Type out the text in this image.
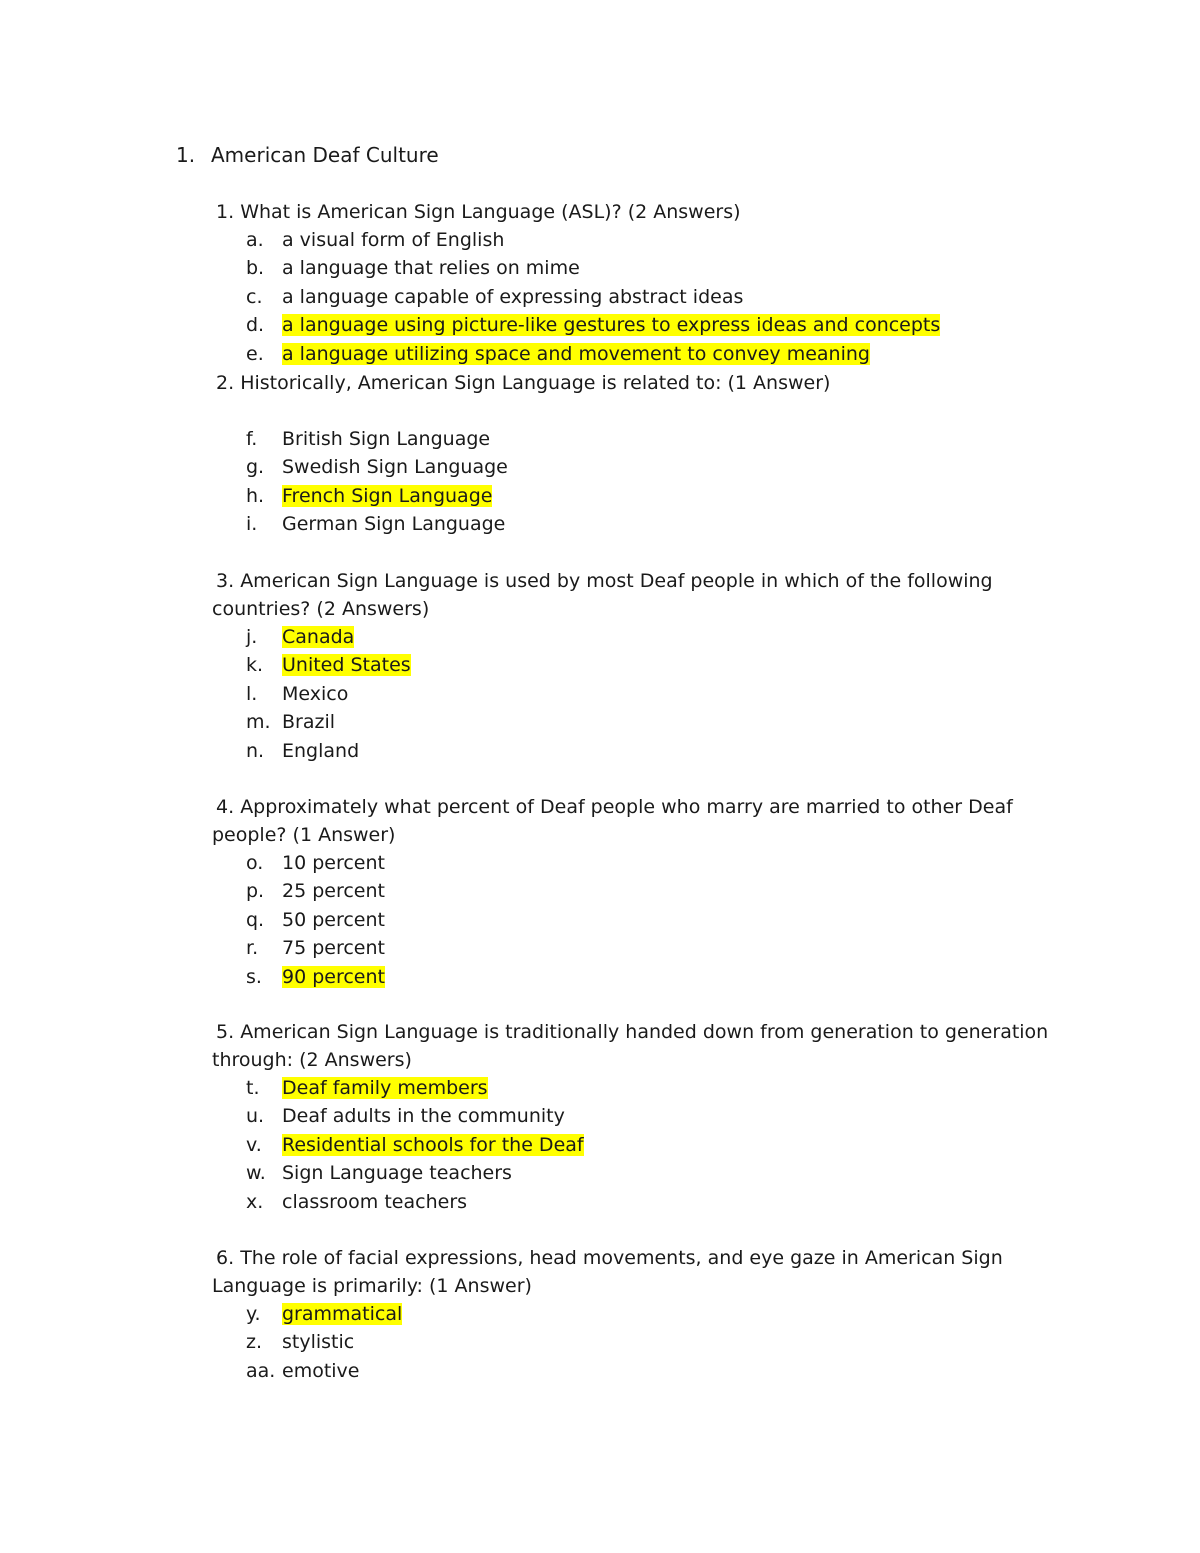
1. American Deaf Culture
1. What is American Sign Language (ASL)? (2 Answers)
a. a visual form of English
b. a language that relies on mime
c. a language capable of expressing abstract ideas
d. a language using picture-like gestures to express ideas and concepts
e. a language utilizing space and movement to convey meaning
2. Historically, American Sign Language is related to: (1 Answer)
f. British Sign Language
g. Swedish Sign Language
h. French Sign Language
i. German Sign Language
3. American Sign Language is used by most Deaf people in which of the following countries? (2 Answers)
j. Canada
k. United States
l. Mexico
m. Brazil
n. England
4. Approximately what percent of Deaf people who marry are married to other Deaf people? (1 Answer)
o. 10 percent
p. 25 percent
q. 50 percent
r. 75 percent
s. 90 percent
5. American Sign Language is traditionally handed down from generation to generation through: (2 Answers)
t. Deaf family members
u. Deaf adults in the community
v. Residential schools for the Deaf
w. Sign Language teachers
x. classroom teachers
6. The role of facial expressions, head movements, and eye gaze in American Sign Language is primarily: (1 Answer)
y. grammatical
z. stylistic
aa. emotive
